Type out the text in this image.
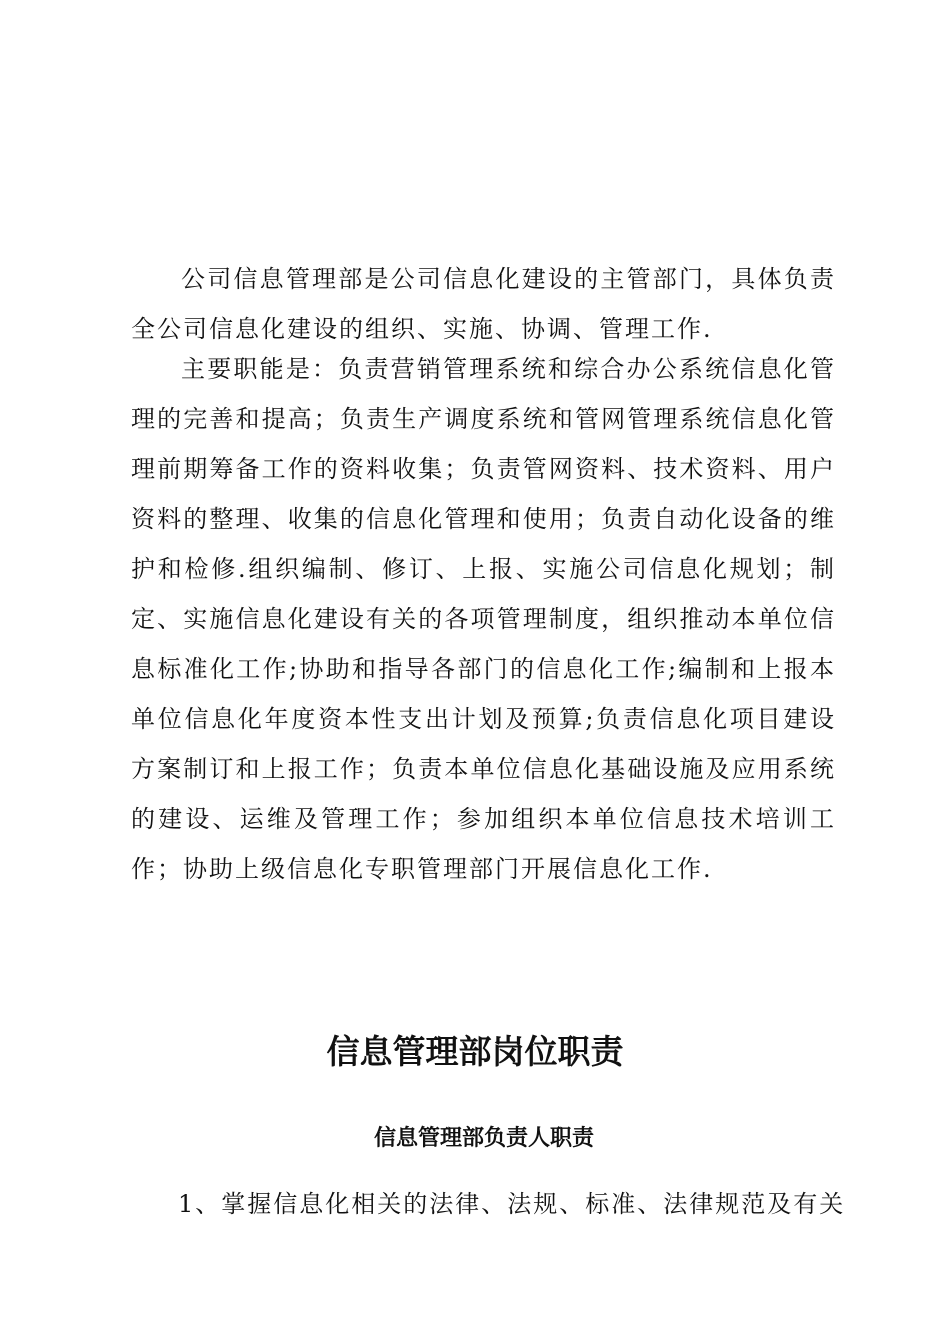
公司信息管理部是公司信息化建设的主管部门，具体负责全公司信息化建设的组织、实施、协调、管理工作.

主要职能是：负责营销管理系统和综合办公系统信息化管理的完善和提高；负责生产调度系统和管网管理系统信息化管理前期筹备工作的资料收集；负责管网资料、技术资料、用户资料的整理、收集的信息化管理和使用；负责自动化设备的维护和检修.组织编制、修订、上报、实施公司信息化规划；制定、实施信息化建设有关的各项管理制度，组织推动本单位信息标准化工作;协助和指导各部门的信息化工作;编制和上报本单位信息化年度资本性支出计划及预算;负责信息化项目建设方案制订和上报工作；负责本单位信息化基础设施及应用系统的建设、运维及管理工作；参加组织本单位信息技术培训工作；协助上级信息化专职管理部门开展信息化工作.

信息管理部岗位职责
信息管理部负责人职责

1、掌握信息化相关的法律、法规、标准、法律规范及有关
